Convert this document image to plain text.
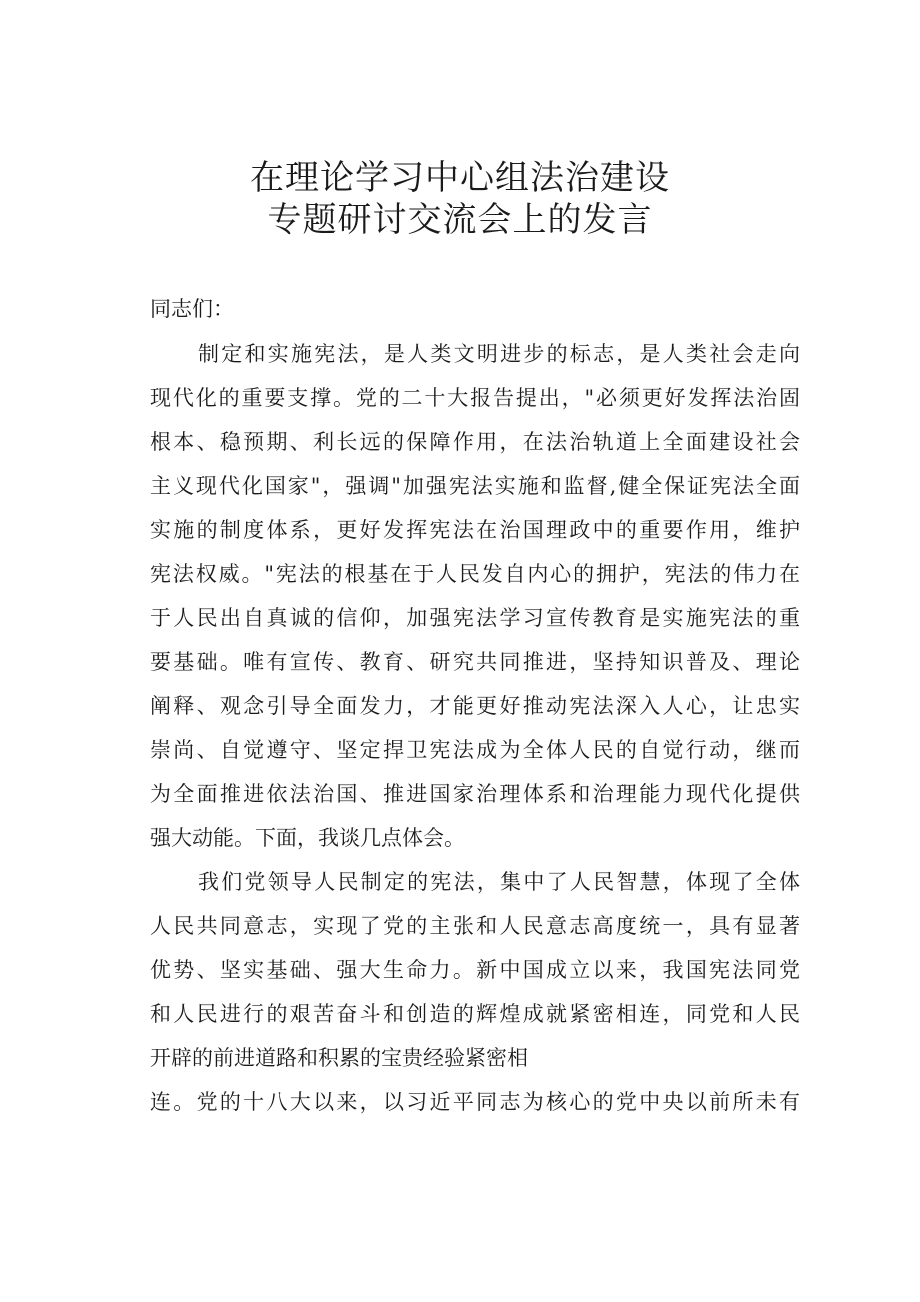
在理论学习中心组法治建设
专题研讨交流会上的发言
同志们：
制定和实施宪法，是人类文明进步的标志，是人类社会走向
现代化的重要支撑。党的二十大报告提出，"必须更好发挥法治固
根本、稳预期、利长远的保障作用，在法治轨道上全面建设社会
主义现代化国家"，强调"加强宪法实施和监督,健全保证宪法全面
实施的制度体系，更好发挥宪法在治国理政中的重要作用，维护
宪法权威。"宪法的根基在于人民发自内心的拥护，宪法的伟力在
于人民出自真诚的信仰，加强宪法学习宣传教育是实施宪法的重
要基础。唯有宣传、教育、研究共同推进，坚持知识普及、理论
阐释、观念引导全面发力，才能更好推动宪法深入人心，让忠实
崇尚、自觉遵守、坚定捍卫宪法成为全体人民的自觉行动，继而
为全面推进依法治国、推进国家治理体系和治理能力现代化提供
强大动能。下面，我谈几点体会。
我们党领导人民制定的宪法，集中了人民智慧，体现了全体
人民共同意志，实现了党的主张和人民意志高度统一，具有显著
优势、坚实基础、强大生命力。新中国成立以来，我国宪法同党
和人民进行的艰苦奋斗和创造的辉煌成就紧密相连，同党和人民
开辟的前进道路和积累的宝贵经验紧密相
连。党的十八大以来，以习近平同志为核心的党中央以前所未有
